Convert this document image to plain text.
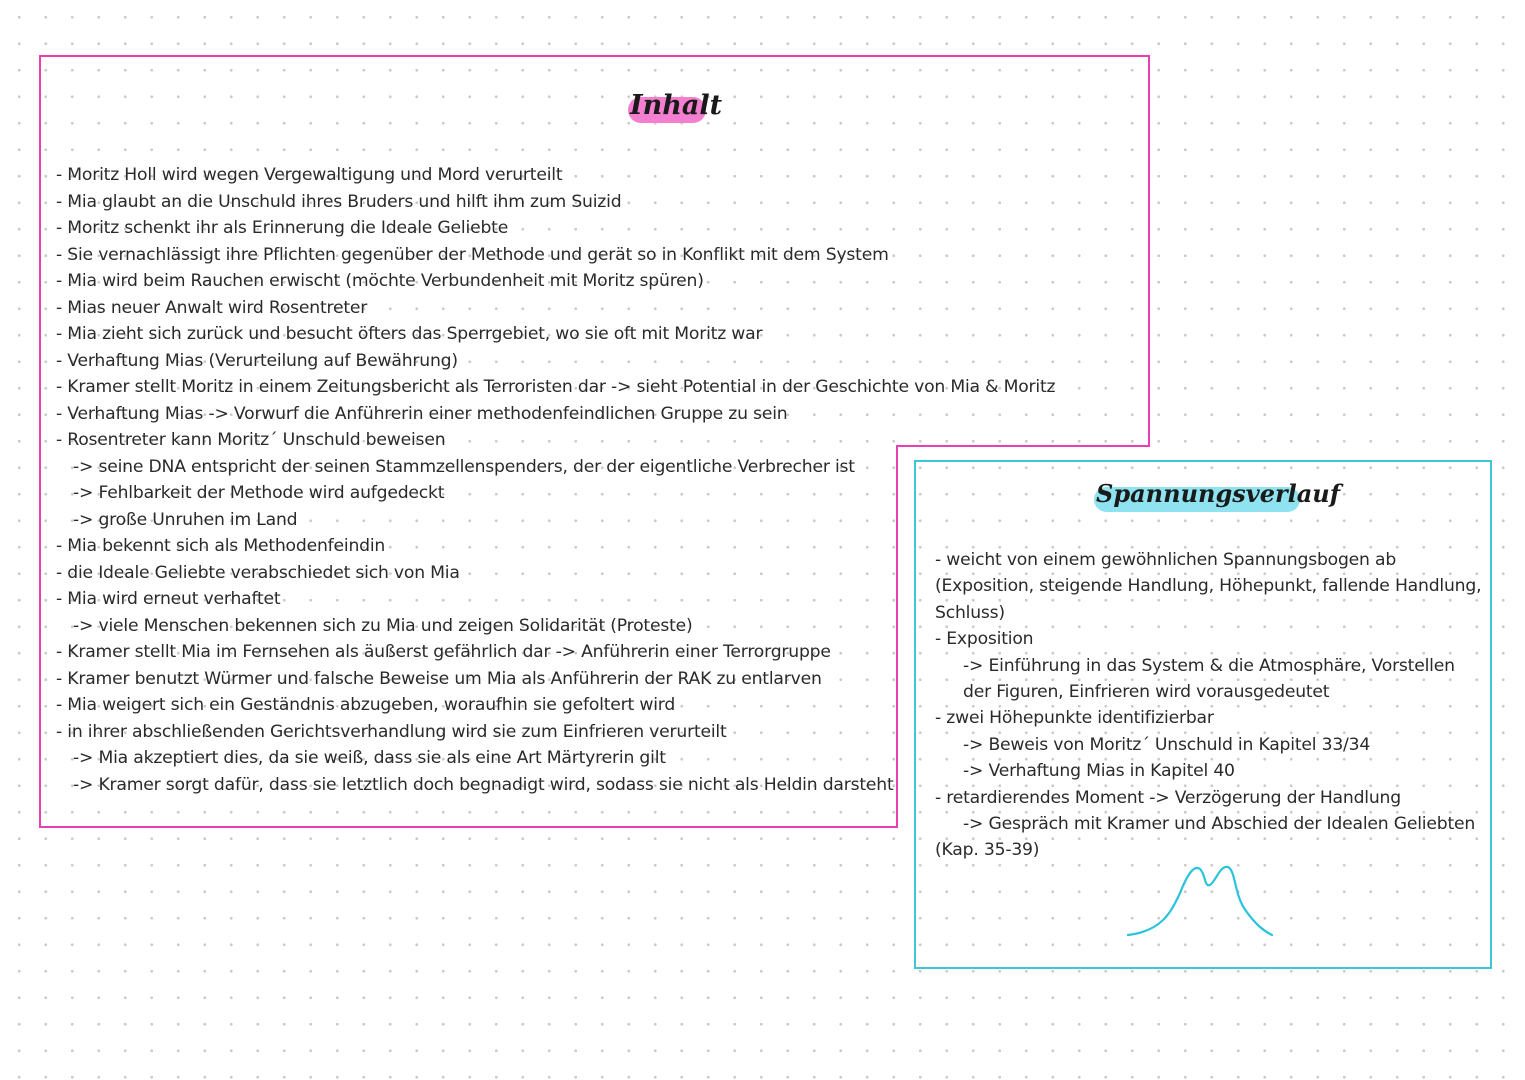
Inhalt
- Moritz Holl wird wegen Vergewaltigung und Mord verurteilt
- Mia glaubt an die Unschuld ihres Bruders und hilft ihm zum Suizid
- Moritz schenkt ihr als Erinnerung die Ideale Geliebte
- Sie vernachlässigt ihre Pflichten gegenüber der Methode und gerät so in Konflikt mit dem System
- Mia wird beim Rauchen erwischt (möchte Verbundenheit mit Moritz spüren)
- Mias neuer Anwalt wird Rosentreter
- Mia zieht sich zurück und besucht öfters das Sperrgebiet, wo sie oft mit Moritz war
- Verhaftung Mias (Verurteilung auf Bewährung)
- Kramer stellt Moritz in einem Zeitungsbericht als Terroristen dar -> sieht Potential in der Geschichte von Mia & Moritz
- Verhaftung Mias -> Vorwurf die Anführerin einer methodenfeindlichen Gruppe zu sein
- Rosentreter kann Moritz´ Unschuld beweisen
-> seine DNA entspricht der seinen Stammzellenspenders, der der eigentliche Verbrecher ist
-> Fehlbarkeit der Methode wird aufgedeckt
-> große Unruhen im Land
- Mia bekennt sich als Methodenfeindin
- die Ideale Geliebte verabschiedet sich von Mia
- Mia wird erneut verhaftet
-> viele Menschen bekennen sich zu Mia und zeigen Solidarität (Proteste)
- Kramer stellt Mia im Fernsehen als äußerst gefährlich dar -> Anführerin einer Terrorgruppe
- Kramer benutzt Würmer und falsche Beweise um Mia als Anführerin der RAK zu entlarven
- Mia weigert sich ein Geständnis abzugeben, woraufhin sie gefoltert wird
- in ihrer abschließenden Gerichtsverhandlung wird sie zum Einfrieren verurteilt
-> Mia akzeptiert dies, da sie weiß, dass sie als eine Art Märtyrerin gilt
-> Kramer sorgt dafür, dass sie letztlich doch begnadigt wird, sodass sie nicht als Heldin darsteht
Spannungsverlauf
- weicht von einem gewöhnlichen Spannungsbogen ab
(Exposition, steigende Handlung, Höhepunkt, fallende Handlung,
Schluss)
- Exposition
-> Einführung in das System & die Atmosphäre, Vorstellen
der Figuren, Einfrieren wird vorausgedeutet
- zwei Höhepunkte identifizierbar
-> Beweis von Moritz´ Unschuld in Kapitel 33/34
-> Verhaftung Mias in Kapitel 40
- retardierendes Moment -> Verzögerung der Handlung
-> Gespräch mit Kramer und Abschied der Idealen Geliebten
(Kap. 35-39)
